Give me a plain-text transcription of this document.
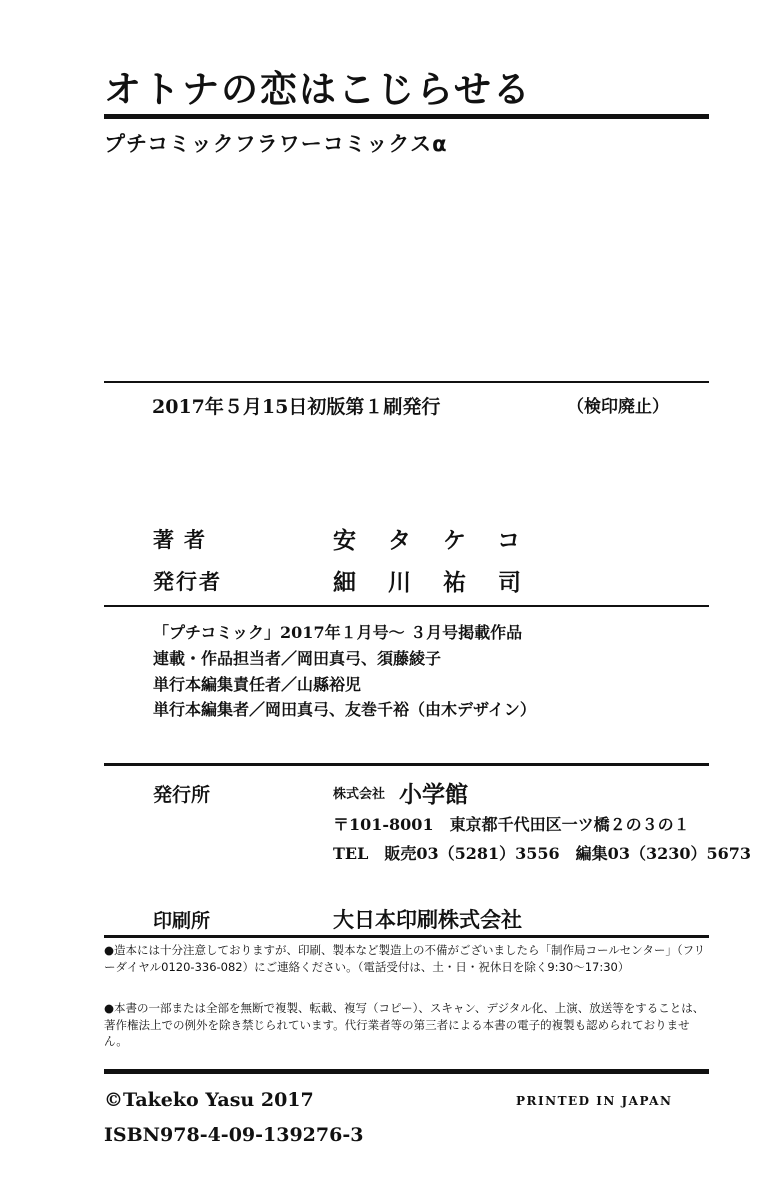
オトナの恋はこじらせる
プチコミックフラワーコミックスα
2017年５月15日初版第１刷発行	（検印廃止）
著者	安タケコ
発行者	細川祐司
「プチコミック」2017年１月号～ ３月号掲載作品
連載・作品担当者／岡田真弓、須藤綾子
単行本編集責任者／山縣裕児
単行本編集者／岡田真弓、友巻千裕（由木デザイン）
発行所	株式会社 小学館
〒101-8001　東京都千代田区一ツ橋２の３の１
TEL　販売03（5281）3556　編集03（3230）5673
印刷所	大日本印刷株式会社
●造本には十分注意しておりますが、印刷、製本など製造上の不備がございましたら「制作局コールセンター」（フリーダイヤル0120-336-082）にご連絡ください。（電話受付は、土・日・祝休日を除く9:30～17:30）
●本書の一部または全部を無断で複製、転載、複写（コピー）、スキャン、デジタル化、上演、放送等をすることは、著作権法上での例外を除き禁じられています。代行業者等の第三者による本書の電子的複製も認められておりません。
©Takeko Yasu 2017	PRINTED IN JAPAN
ISBN978-4-09-139276-3
